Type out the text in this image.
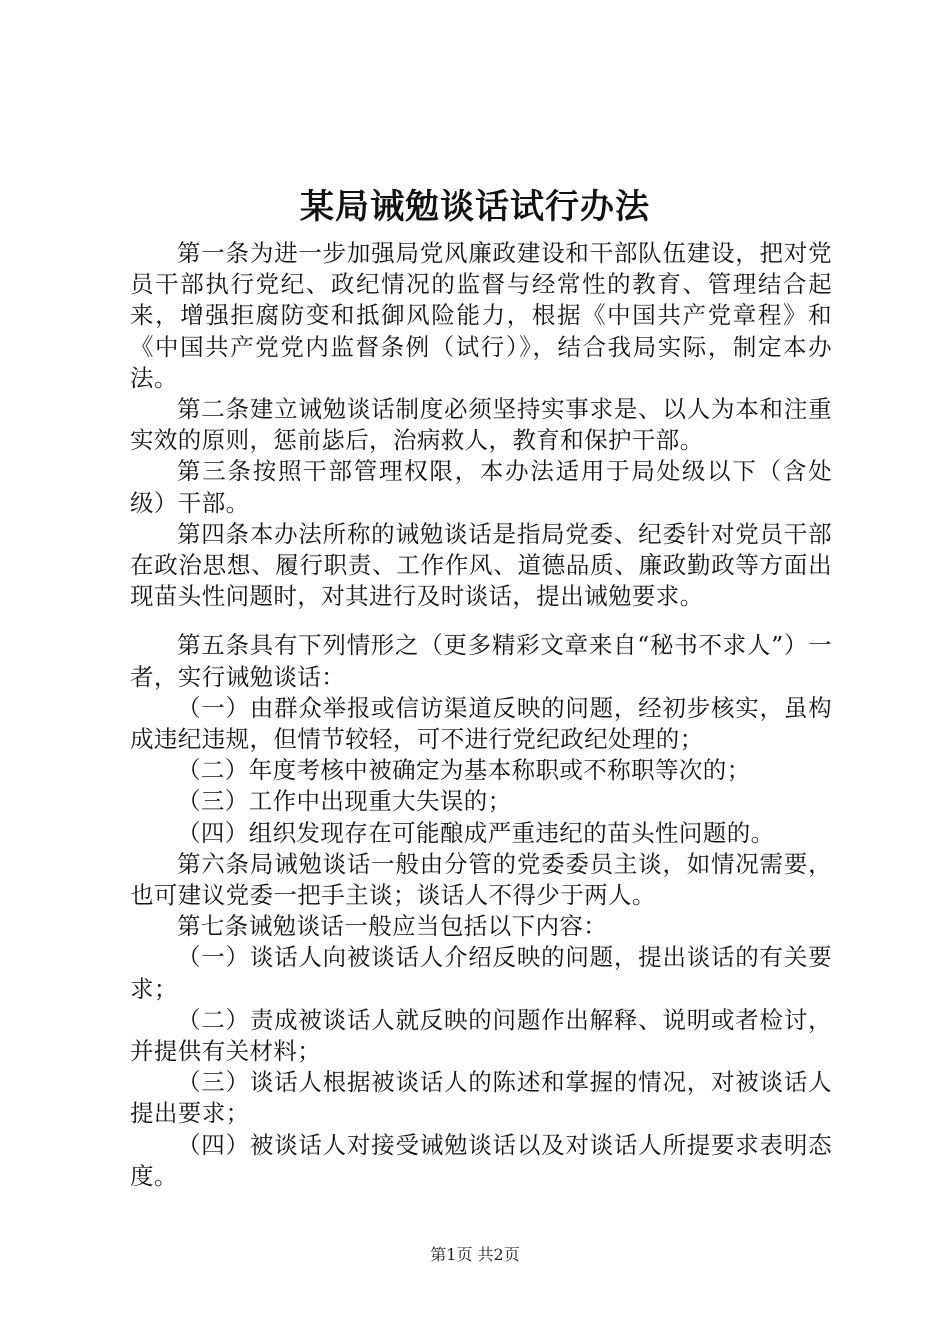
某局诫勉谈话试行办法

第一条为进一步加强局党风廉政建设和干部队伍建设，把对党员干部执行党纪、政纪情况的监督与经常性的教育、管理结合起来，增强拒腐防变和抵御风险能力，根据《中国共产党章程》和《中国共产党党内监督条例（试行）》，结合我局实际，制定本办法。

第二条建立诫勉谈话制度必须坚持实事求是、以人为本和注重实效的原则，惩前毖后，治病救人，教育和保护干部。

第三条按照干部管理权限，本办法适用于局处级以下（含处级）干部。

第四条本办法所称的诫勉谈话是指局党委、纪委针对党员干部在政治思想、履行职责、工作作风、道德品质、廉政勤政等方面出现苗头性问题时，对其进行及时谈话，提出诫勉要求。

第五条具有下列情形之（更多精彩文章来自“秘书不求人”）一者，实行诫勉谈话：

（一）由群众举报或信访渠道反映的问题，经初步核实，虽构成违纪违规，但情节较轻，可不进行党纪政纪处理的；

（二）年度考核中被确定为基本称职或不称职等次的；

（三）工作中出现重大失误的；

（四）组织发现存在可能酿成严重违纪的苗头性问题的。

第六条局诫勉谈话一般由分管的党委委员主谈，如情况需要，也可建议党委一把手主谈；谈话人不得少于两人。

第七条诫勉谈话一般应当包括以下内容：

（一）谈话人向被谈话人介绍反映的问题，提出谈话的有关要求；

（二）责成被谈话人就反映的问题作出解释、说明或者检讨，并提供有关材料；

（三）谈话人根据被谈话人的陈述和掌握的情况，对被谈话人提出要求；

（四）被谈话人对接受诫勉谈话以及对谈话人所提要求表明态度。

第1页 共2页
